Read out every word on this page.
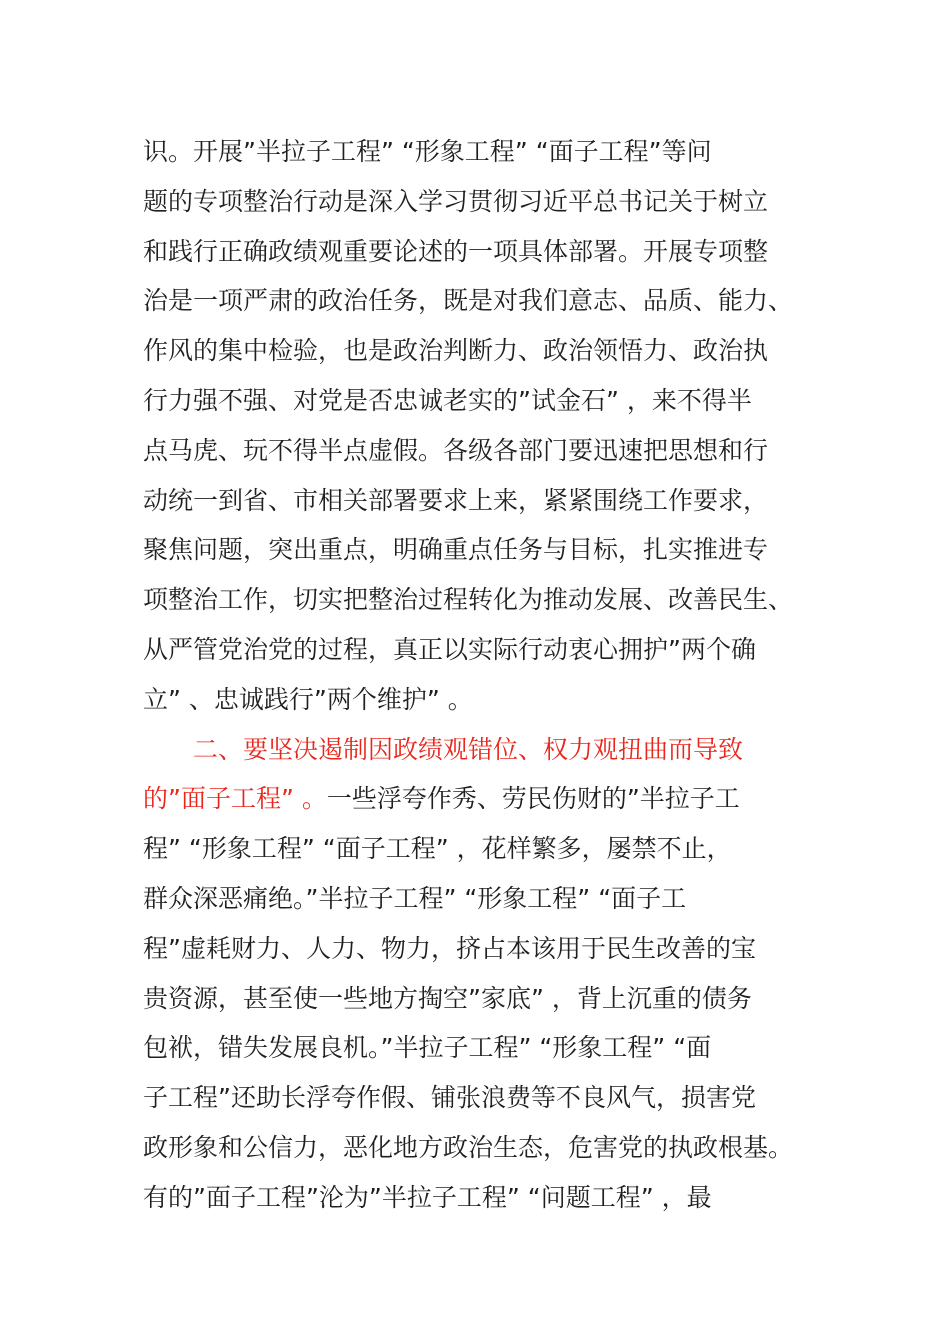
识。开展”半拉子工程” “形象工程” “面子工程”等问
题的专项整治行动是深入学习贯彻习近平总书记关于树立
和践行正确政绩观重要论述的一项具体部署。开展专项整
治是一项严肃的政治任务，既是对我们意志、品质、能力、
作风的集中检验，也是政治判断力、政治领悟力、政治执
行力强不强、对党是否忠诚老实的”试金石” ，来不得半
点马虎、玩不得半点虚假。各级各部门要迅速把思想和行
动统一到省、市相关部署要求上来，紧紧围绕工作要求，
聚焦问题，突出重点，明确重点任务与目标，扎实推进专
项整治工作，切实把整治过程转化为推动发展、改善民生、
从严管党治党的过程，真正以实际行动衷心拥护”两个确
立” 、忠诚践行”两个维护” 。
二、要坚决遏制因政绩观错位、权力观扭曲而导致
的”面子工程” 。一些浮夸作秀、劳民伤财的”半拉子工
程” “形象工程” “面子工程” ，花样繁多，屡禁不止，
群众深恶痛绝。”半拉子工程” “形象工程” “面子工
程”虚耗财力、人力、物力，挤占本该用于民生改善的宝
贵资源，甚至使一些地方掏空”家底” ，背上沉重的债务
包袱，错失发展良机。”半拉子工程” “形象工程” “面
子工程”还助长浮夸作假、铺张浪费等不良风气，损害党
政形象和公信力，恶化地方政治生态，危害党的执政根基。
有的”面子工程”沦为”半拉子工程” “问题工程” ，最
